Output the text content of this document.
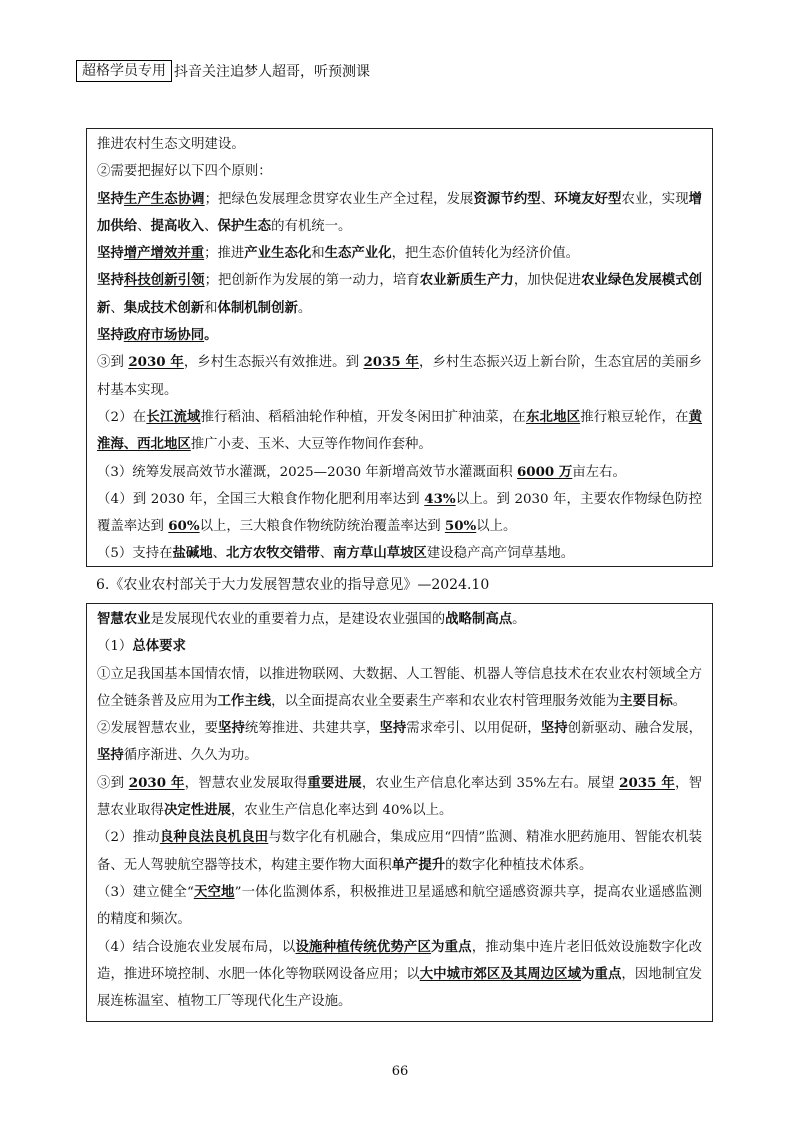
超格学员专用 抖音关注追梦人超哥，听预测课
推进农村生态文明建设。
②需要把握好以下四个原则：
坚持生产生态协调；把绿色发展理念贯穿农业生产全过程，发展资源节约型、环境友好型农业，实现增加供给、提高收入、保护生态的有机统一。
坚持增产增效并重；推进产业生态化和生态产业化，把生态价值转化为经济价值。
坚持科技创新引领；把创新作为发展的第一动力，培育农业新质生产力，加快促进农业绿色发展模式创新、集成技术创新和体制机制创新。
坚持政府市场协同。
③到 2030 年，乡村生态振兴有效推进。到 2035 年，乡村生态振兴迈上新台阶，生态宜居的美丽乡村基本实现。
（2）在长江流域推行稻油、稻稻油轮作种植，开发冬闲田扩种油菜，在东北地区推行粮豆轮作，在黄淮海、西北地区推广小麦、玉米、大豆等作物间作套种。
（3）统筹发展高效节水灌溉，2025—2030 年新增高效节水灌溉面积 6000 万亩左右。
（4）到 2030 年，全国三大粮食作物化肥利用率达到 43%以上。到 2030 年，主要农作物绿色防控覆盖率达到 60%以上，三大粮食作物统防统治覆盖率达到 50%以上。
（5）支持在盐碱地、北方农牧交错带、南方草山草坡区建设稳产高产饲草基地。
6.《农业农村部关于大力发展智慧农业的指导意见》—2024.10
智慧农业是发展现代农业的重要着力点，是建设农业强国的战略制高点。
（1）总体要求
①立足我国基本国情农情，以推进物联网、大数据、人工智能、机器人等信息技术在农业农村领域全方位全链条普及应用为工作主线，以全面提高农业全要素生产率和农业农村管理服务效能为主要目标。
②发展智慧农业，要坚持统筹推进、共建共享，坚持需求牵引、以用促研，坚持创新驱动、融合发展，坚持循序渐进、久久为功。
③到 2030 年，智慧农业发展取得重要进展，农业生产信息化率达到 35%左右。展望 2035 年，智慧农业取得决定性进展，农业生产信息化率达到 40%以上。
（2）推动良种良法良机良田与数字化有机融合，集成应用“四情”监测、精准水肥药施用、智能农机装备、无人驾驶航空器等技术，构建主要作物大面积单产提升的数字化种植技术体系。
（3）建立健全“天空地”一体化监测体系，积极推进卫星遥感和航空遥感资源共享，提高农业遥感监测的精度和频次。
（4）结合设施农业发展布局，以设施种植传统优势产区为重点，推动集中连片老旧低效设施数字化改造，推进环境控制、水肥一体化等物联网设备应用；以大中城市郊区及其周边区域为重点，因地制宜发展连栋温室、植物工厂等现代化生产设施。
66
